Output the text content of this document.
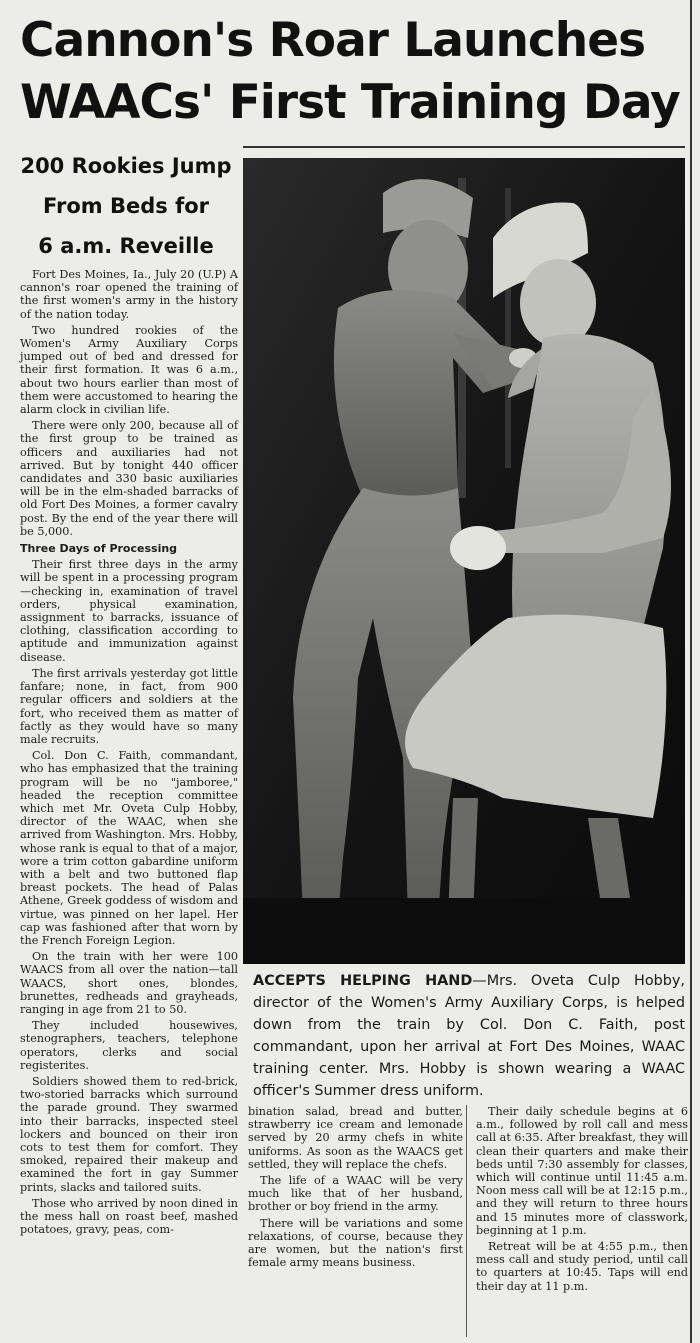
Cannon's Roar Launches
WAACs' First Training Day
200 Rookies Jump
From Beds for
6 a.m. Reveille

Fort Des Moines, Ia., July 20 (U.P) A cannon's roar opened the training of the first women's army in the history of the nation today.

Two hundred rookies of the Women's Army Auxiliary Corps jumped out of bed and dressed for their first formation. It was 6 a.m., about two hours earlier than most of them were accustomed to hearing the alarm clock in civilian life.

There were only 200, because all of the first group to be trained as officers and auxiliaries had not arrived. But by tonight 440 officer candidates and 330 basic auxiliaries will be in the elm-shaded barracks of old Fort Des Moines, a former cavalry post. By the end of the year there will be 5,000.

Three Days of Processing

Their first three days in the army will be spent in a processing program—checking in, examination of travel orders, physical examination, assignment to barracks, issuance of clothing, classification according to aptitude and immunization against disease.

The first arrivals yesterday got little fanfare; none, in fact, from 900 regular officers and soldiers at the fort, who received them as matter of factly as they would have so many male recruits.

Col. Don C. Faith, commandant, who has emphasized that the training program will be no "jamboree," headed the reception committee which met Mr. Oveta Culp Hobby, director of the WAAC, when she arrived from Washington. Mrs. Hobby, whose rank is equal to that of a major, wore a trim cotton gabardine uniform with a belt and two buttoned flap breast pockets. The head of Palas Athene, Greek goddess of wisdom and virtue, was pinned on her lapel. Her cap was fashioned after that worn by the French Foreign Legion.

On the train with her were 100 WAACS from all over the nation—tall WAACS, short ones, blondes, brunettes, redheads and grayheads, ranging in age from 21 to 50.

They included housewives, stenographers, teachers, telephone operators, clerks and social registerites.

Soldiers showed them to red-brick, two-storied barracks which surround the parade ground. They swarmed into their barracks, inspected steel lockers and bounced on their iron cots to test them for comfort. They smoked, repaired their makeup and examined the fort in gay Summer prints, slacks and tailored suits.

Those who arrived by noon dined in the mess hall on roast beef, mashed potatoes, gravy, peas, com-

ACCEPTS HELPING HAND—Mrs. Oveta Culp Hobby, director of the Women's Army Auxiliary Corps, is helped down from the train by Col. Don C. Faith, post commandant, upon her arrival at Fort Des Moines, WAAC training center. Mrs. Hobby is shown wearing a WAAC officer's Summer dress uniform.

bination salad, bread and butter, strawberry ice cream and lemonade served by 20 army chefs in white uniforms. As soon as the WAACS get settled, they will replace the chefs.

The life of a WAAC will be very much like that of her husband, brother or boy friend in the army.

There will be variations and some relaxations, of course, because they are women, but the nation's first female army means business.

Their daily schedule begins at 6 a.m., followed by roll call and mess call at 6:35. After breakfast, they will clean their quarters and make their beds until 7:30 assembly for classes, which will continue until 11:45 a.m. Noon mess call will be at 12:15 p.m., and they will return to three hours and 15 minutes more of classwork, beginning at 1 p.m.

Retreat will be at 4:55 p.m., then mess call and study period, until call to quarters at 10:45. Taps will end their day at 11 p.m.
